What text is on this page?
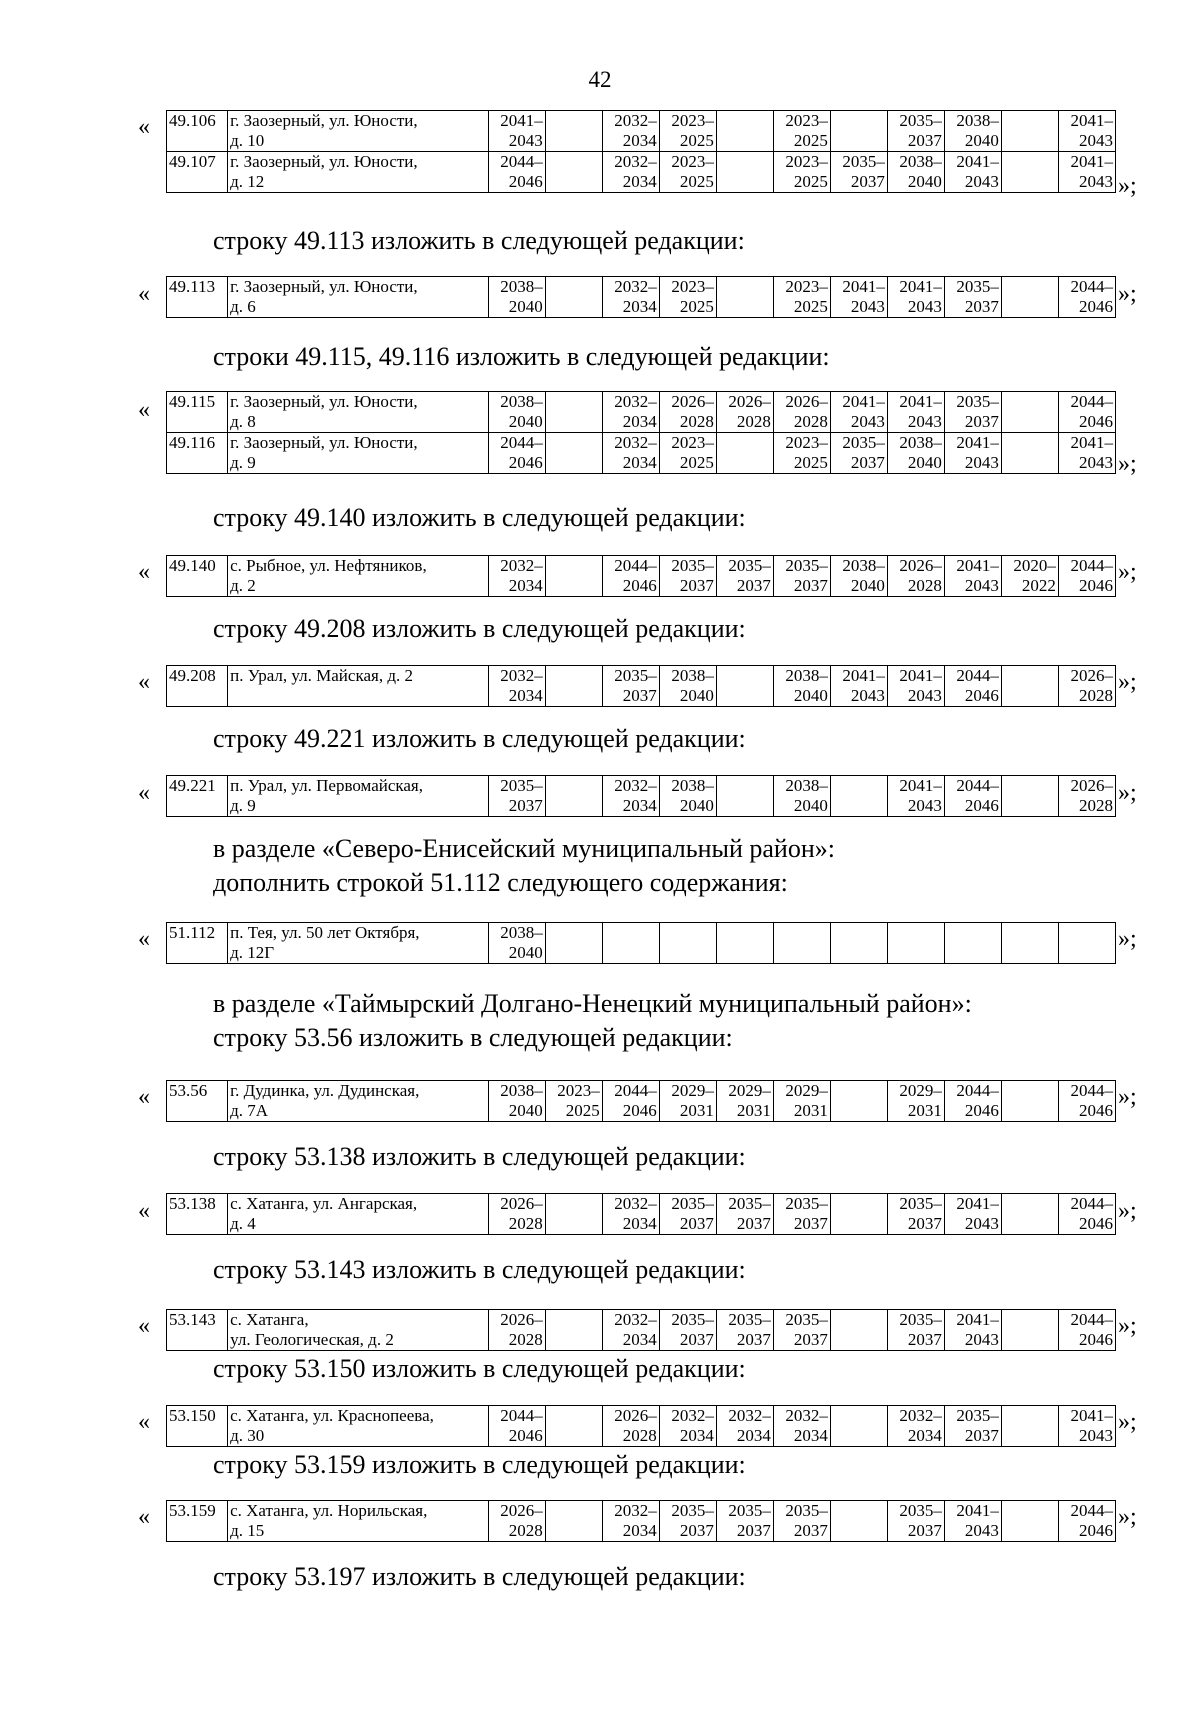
42
« 49.106	г. Заозерный, ул. Юности,
д. 10	2041–
2043		2032–
2034	2023–
2025		2023–
2025		2035–
2037	2038–
2040		2041–
2043
49.107	г. Заозерный, ул. Юности,
д. 12	2044–
2046		2032–
2034	2023–
2025		2023–
2025	2035–
2037	2038–
2040	2041–
2043		2041–
2043 »;

строку 49.113 изложить в следующей редакции:

« 49.113	г. Заозерный, ул. Юности,
д. 6	2038–
2040		2032–
2034	2023–
2025		2023–
2025	2041–
2043	2041–
2043	2035–
2037		2044–
2046 »;

строки 49.115, 49.116 изложить в следующей редакции:

« 49.115	г. Заозерный, ул. Юности,
д. 8	2038–
2040		2032–
2034	2026–
2028	2026–
2028	2026–
2028	2041–
2043	2041–
2043	2035–
2037		2044–
2046
49.116	г. Заозерный, ул. Юности,
д. 9	2044–
2046		2032–
2034	2023–
2025		2023–
2025	2035–
2037	2038–
2040	2041–
2043		2041–
2043 »;

строку 49.140 изложить в следующей редакции:

« 49.140	с. Рыбное, ул. Нефтяников,
д. 2	2032–
2034		2044–
2046	2035–
2037	2035–
2037	2035–
2037	2038–
2040	2026–
2028	2041–
2043	2020–
2022	2044–
2046
»;

строку 49.208 изложить в следующей редакции:

« 49.208	п. Урал, ул. Майская, д. 2	2032–
2034		2035–
2037	2038–
2040		2038–
2040	2041–
2043	2041–
2043	2044–
2046		2026–
2028
»;

строку 49.221 изложить в следующей редакции:

« 49.221	п. Урал, ул. Первомайская,
д. 9	2035–
2037		2032–
2034	2038–
2040		2038–
2040		2041–
2043	2044–
2046		2026–
2028 »;

в разделе «Северо-Енисейский муниципальный район»:

дополнить строкой 51.112 следующего содержания:

« 51.112	п. Тея, ул. 50 лет Октября,
д. 12Г	2038–
2040										
»;

в разделе «Таймырский Долгано-Ненецкий муниципальный район»:

строку 53.56 изложить в следующей редакции:

« 53.56	г. Дудинка, ул. Дудинская,
д. 7А	2038–
2040	2023–
2025	2044–
2046	2029–
2031	2029–
2031	2029–
2031		2029–
2031	2044–
2046		2044–
2046
»;

строку 53.138 изложить в следующей редакции:

« 53.138	с. Хатанга, ул. Ангарская,
д. 4	2026–
2028		2032–
2034	2035–
2037	2035–
2037	2035–
2037		2035–
2037	2041–
2043		2044–
2046 »;

строку 53.143 изложить в следующей редакции:

« 53.143	с. Хатанга,
ул. Геологическая, д. 2	2026–
2028		2032–
2034	2035–
2037	2035–
2037	2035–
2037		2035–
2037	2041–
2043		2044–
2046
»;

строку 53.150 изложить в следующей редакции:

« 53.150	с. Хатанга, ул. Краснопеева,
д. 30	2044–
2046		2026–
2028	2032–
2034	2032–
2034	2032–
2034		2032–
2034	2035–
2037		2041–
2043
»;

строку 53.159 изложить в следующей редакции:

« 53.159	с. Хатанга, ул. Норильская,
д. 15	2026–
2028		2032–
2034	2035–
2037	2035–
2037	2035–
2037		2035–
2037	2041–
2043		2044–
2046
»;

строку 53.197 изложить в следующей редакции:
